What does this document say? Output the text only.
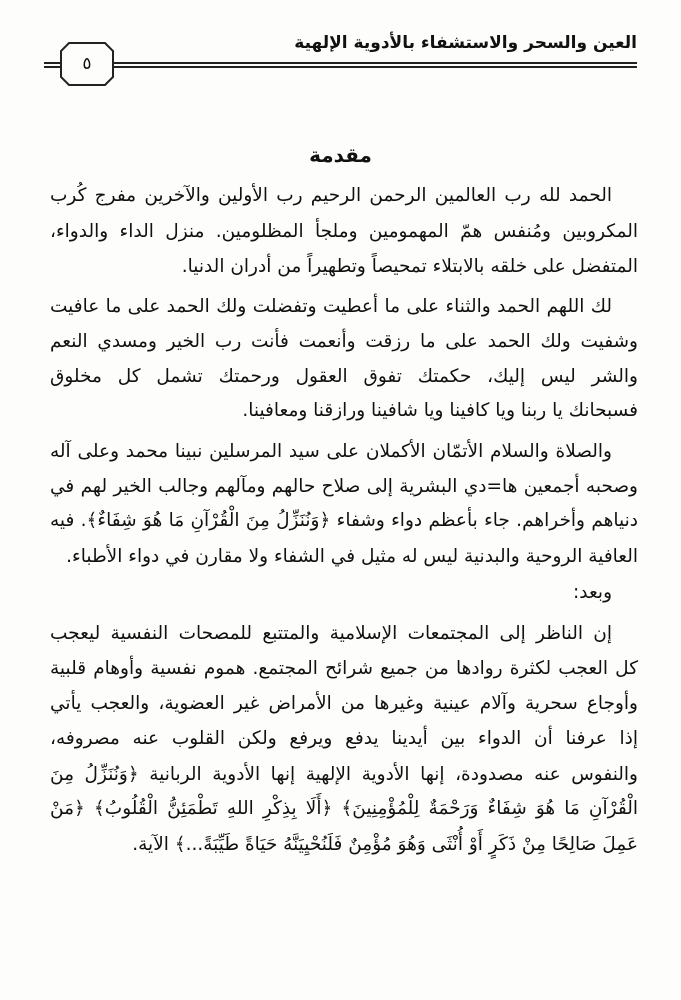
العين والسحر والاستشفاء بالأدوية الإلهية
٥
مقدمة
الحمد لله رب العالمين الرحمن الرحيم رب الأولين والآخرين مفرج كُرب
المكروبين ومُنفس همّ المهمومين وملجأ المظلومين. منزل الداء والدواء،
المتفضل على خلقه بالابتلاء تمحيصاً وتطهيراً من أدران الدنيا.
لك اللهم الحمد والثناء على ما أعطيت وتفضلت ولك الحمد على ما عافيت
وشفيت ولك الحمد على ما رزقت وأنعمت فأنت رب الخير ومسدي النعم
والشر ليس إليك، حكمتك تفوق العقول ورحمتك تشمل كل مخلوق
فسبحانك يا ربنا ويا كافينا ويا شافينا ورازقنا ومعافينا.
والصلاة والسلام الأتمّان الأكملان على سيد المرسلين نبينا محمد وعلى آله
وصحبه أجمعين ها=دي البشرية إلى صلاح حالهم ومآلهم وجالب الخير لهم في
دنياهم وأخراهم. جاء بأعظم دواء وشفاء ﴿وَنُنَزِّلُ مِنَ الْقُرْآنِ مَا هُوَ شِفَاءٌ﴾. فيه
العافية الروحية والبدنية ليس له مثيل في الشفاء ولا مقارن في دواء الأطباء.
وبعد:
إن الناظر إلى المجتمعات الإسلامية والمتتبع للمصحات النفسية ليعجب
كل العجب لكثرة روادها من جميع شرائح المجتمع. هموم نفسية وأوهام قلبية
وأوجاع سحرية وآلام عينية وغيرها من الأمراض غير العضوية، والعجب يأتي
إذا عرفنا أن الدواء بين أيدينا يدفع ويرفع ولكن القلوب عنه مصروفه،
والنفوس عنه مصدودة، إنها الأدوية الإلهية إنها الأدوية الربانية ﴿وَنُنَزِّلُ مِنَ
الْقُرْآنِ مَا هُوَ شِفَاءٌ وَرَحْمَةٌ لِلْمُؤْمِنِينَ﴾ ﴿أَلَا بِذِكْرِ اللهِ تَطْمَئِنُّ الْقُلُوبُ﴾ ﴿مَنْ
عَمِلَ صَالِحًا مِنْ ذَكَرٍ أَوْ أُنْثَى وَهُوَ مُؤْمِنٌ فَلَنُحْيِيَنَّهُ حَيَاةً طَيِّبَةً...﴾ الآية.
